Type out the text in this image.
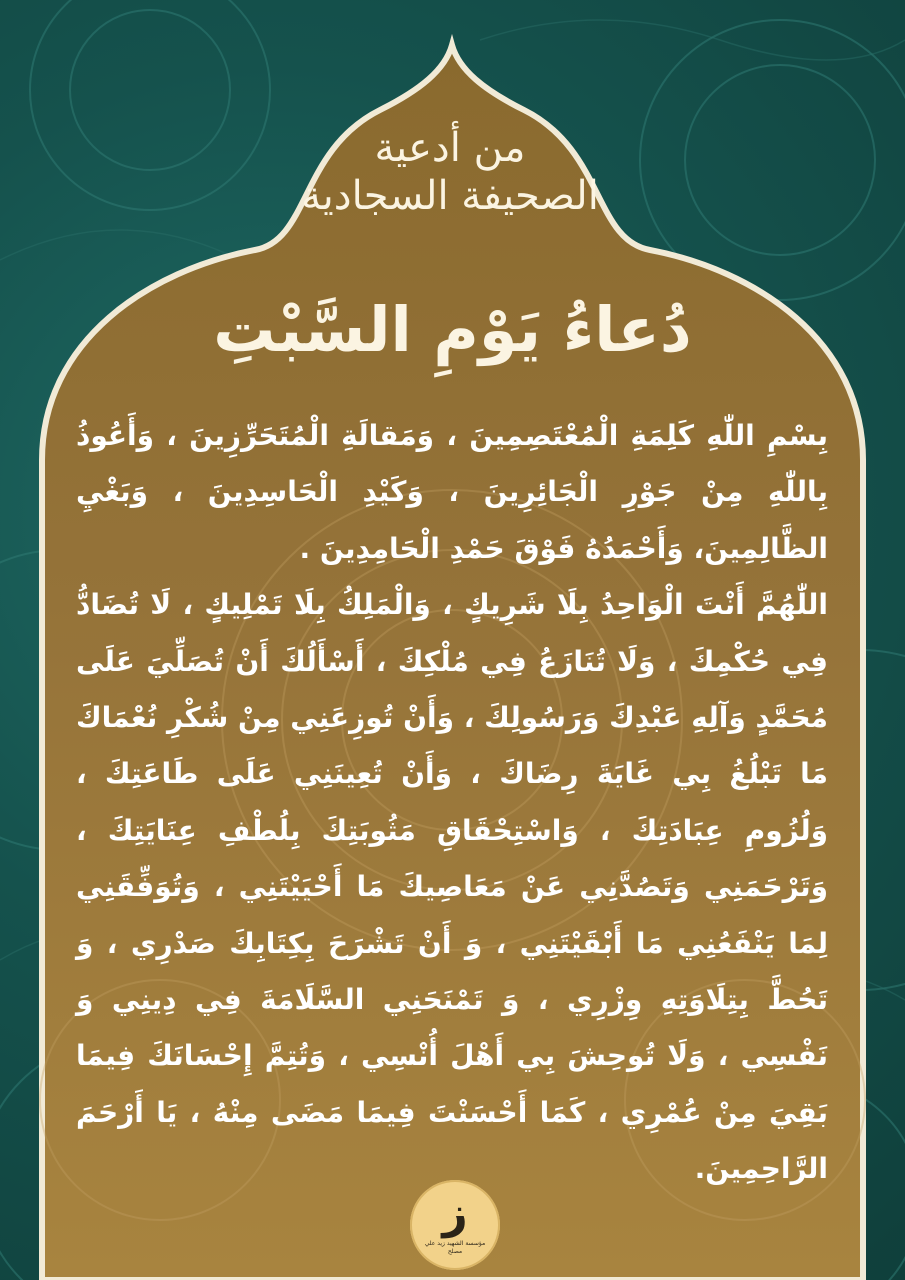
من أدعية
الصحيفة السجادية
دُعاءُ يَوْمِ السَّبْتِ

بِسْمِ اللّٰهِ كَلِمَةِ الْمُعْتَصِمِينَ ، وَمَقالَةِ الْمُتَحَرِّزِينَ ، وَأَعُوذُ بِاللّٰهِ مِنْ جَوْرِ الْجَائِرِينَ ، وَكَيْدِ الْحَاسِدِينَ ، وَبَغْيِ الظَّالِمِينَ، وَأَحْمَدُهُ فَوْقَ حَمْدِ الْحَامِدِينَ .

اللّٰهُمَّ أَنْتَ الْوَاحِدُ بِلَا شَرِيكٍ ، وَالْمَلِكُ بِلَا تَمْلِيكٍ ، لَا تُضَادُّ فِي حُكْمِكَ ، وَلَا تُنَازَعُ فِي مُلْكِكَ ، أَسْأَلُكَ أَنْ تُصَلِّيَ عَلَى مُحَمَّدٍ وَآلِهِ عَبْدِكَ وَرَسُولِكَ ، وَأَنْ تُوزِعَنِي مِنْ شُكْرِ نُعْمَاكَ مَا تَبْلُغُ بِي غَايَةَ رِضَاكَ ، وَأَنْ تُعِينَنِي عَلَى طَاعَتِكَ ، وَلُزُومِ عِبَادَتِكَ ، وَاسْتِحْقَاقِ مَثُوبَتِكَ بِلُطْفِ عِنَايَتِكَ ، وَتَرْحَمَنِي وَتَصُدَّنِي عَنْ مَعَاصِيكَ مَا أَحْيَيْتَنِي ، وَتُوَفِّقَنِي لِمَا يَنْفَعُنِي مَا أَبْقَيْتَنِي ، وَ أَنْ تَشْرَحَ بِكِتَابِكَ صَدْرِي ، وَ تَحُطَّ بِتِلَاوَتِهِ وِزْرِي ، وَ تَمْنَحَنِي السَّلَامَةَ فِي دِينِي وَ نَفْسِي ، وَلَا تُوحِشَ بِي أَهْلَ أُنْسِي ، وَتُتِمَّ إِحْسَانَكَ فِيمَا بَقِيَ مِنْ عُمْرِي ، كَمَا أَحْسَنْتَ فِيمَا مَضَى مِنْهُ ، يَا أَرْحَمَ الرَّاحِمِينَ.

ز
مؤسسة الشهيد زيد علي مصلح
